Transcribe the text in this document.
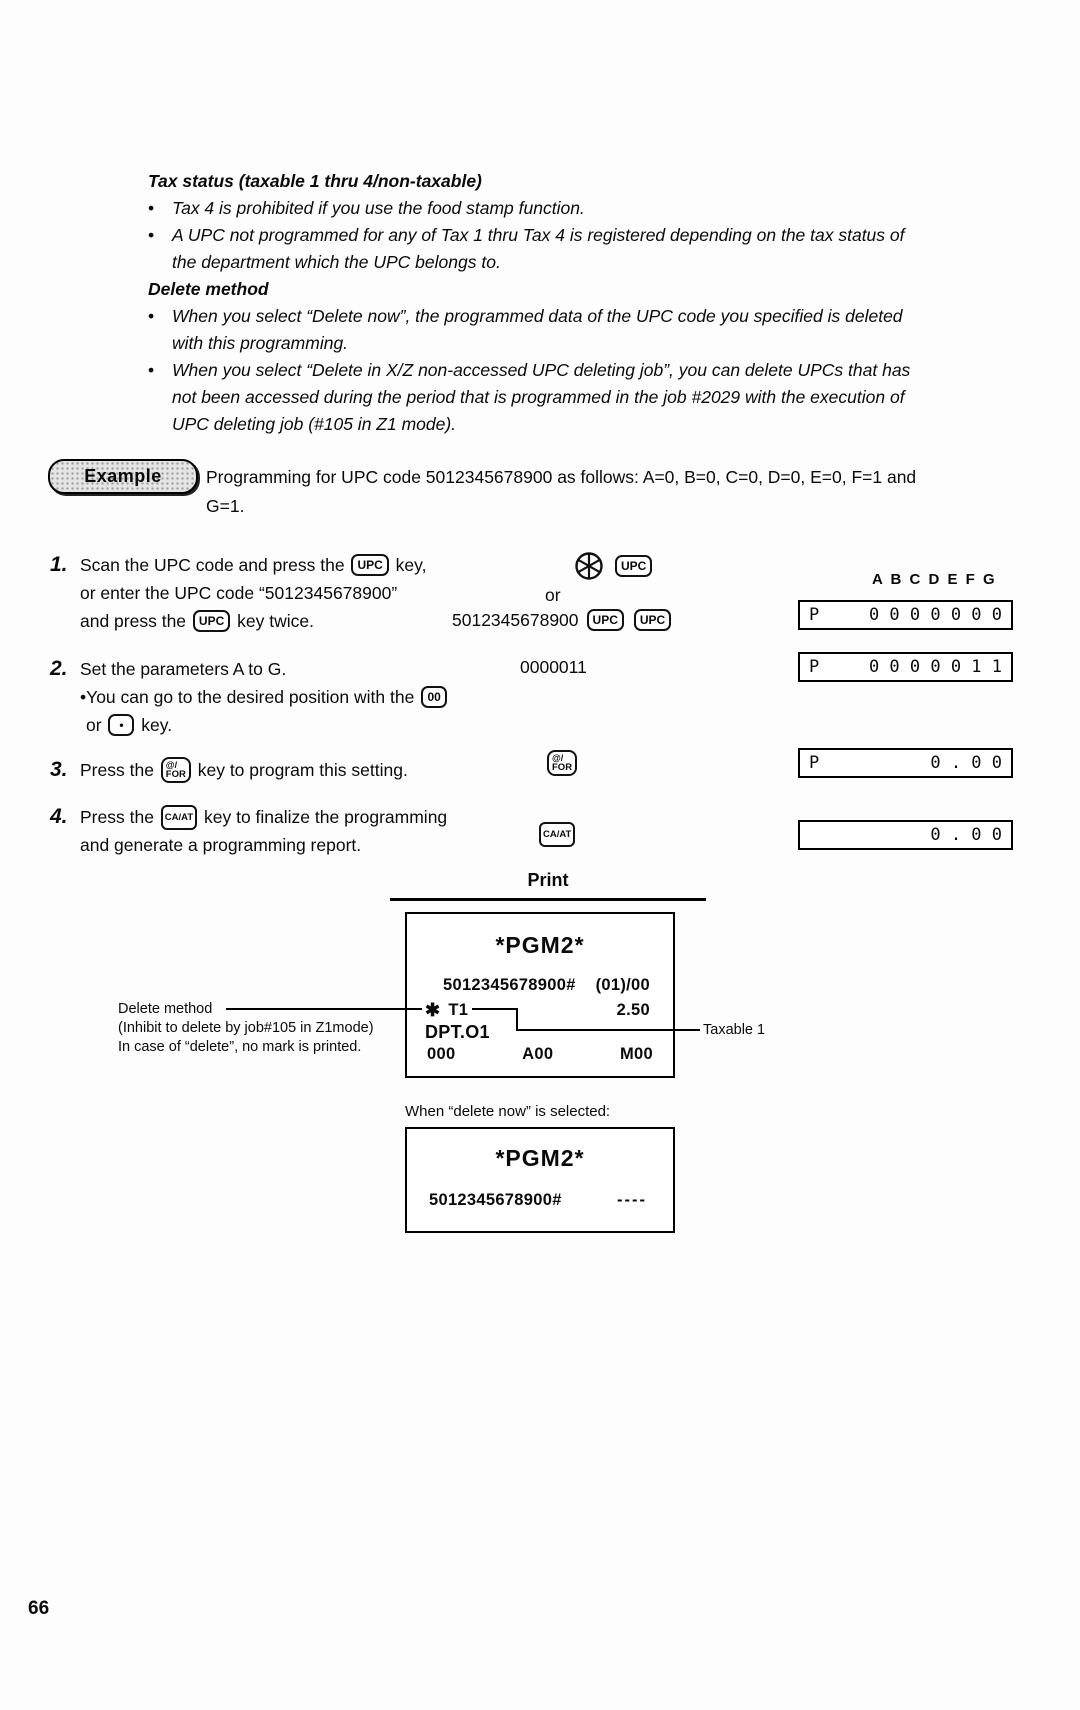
Tax status (taxable 1 thru 4/non-taxable)
•	Tax 4 is prohibited if you use the food stamp function.
•	A UPC not programmed for any of Tax 1 thru Tax 4 is registered depending on the tax status of
the department which the UPC belongs to.
Delete method
•	When you select “Delete now”, the programmed data of the UPC code you specified is deleted
with this programming.
•	When you select “Delete in X/Z non-accessed UPC deleting job”, you can delete UPCs that has
not been accessed during the period that is programmed in the job #2029 with the execution of
UPC deleting job (#105 in Z1 mode).
Example	Programming for UPC code 5012345678900 as follows: A=0, B=0, C=0, D=0, E=0, F=1 and
G=1.
1. Scan the UPC code and press the UPC key,
or enter the UPC code “5012345678900”
and press the UPC key twice.
UPC
or
5012345678900	UPC	UPC
A B C D E F G
P	0 0 0 0 0 0 0
2. Set the parameters A to G.
•You can go to the desired position with the 00
or	• key.
0000011	P	0 0 0 0 0 1 1
3. Press the @/
FOR key to program this setting.
@/
FOR	P	0 . 0 0
4. Press the CA/AT key to finalize the programming
and generate a programming report.
CA/AT	0 . 0 0
Print
*PGM2*
5012345678900# (01)/00
✱ T1	2.50
DPT.O1
000	A00	M00
Delete method
(Inhibit to delete by job#105 in Z1mode)
In case of “delete”, no mark is printed.
Taxable 1
When “delete now” is selected:
*PGM2*
5012345678900#	----
66
